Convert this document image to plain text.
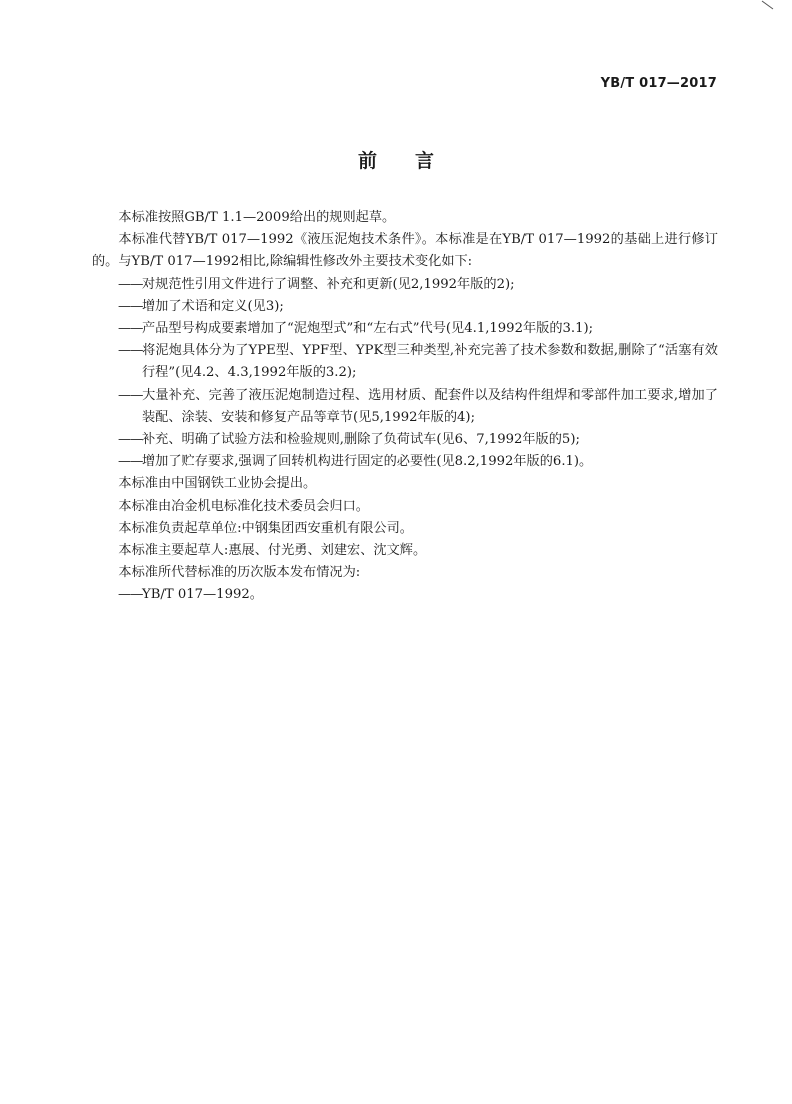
YB/T 017—2017
前言

本标准按照GB/T 1.1—2009给出的规则起草。

本标准代替YB/T 017—1992《液压泥炮技术条件》。本标准是在YB/T 017—1992的基础上进行修订的。与YB/T 017—1992相比,除编辑性修改外主要技术变化如下:

——对规范性引用文件进行了调整、补充和更新(见2,1992年版的2);

——增加了术语和定义(见3);

——产品型号构成要素增加了“泥炮型式”和“左右式”代号(见4.1,1992年版的3.1);

——将泥炮具体分为了YPE型、YPF型、YPK型三种类型,补充完善了技术参数和数据,删除了“活塞有效行程”(见4.2、4.3,1992年版的3.2);

——大量补充、完善了液压泥炮制造过程、选用材质、配套件以及结构件组焊和零部件加工要求,增加了装配、涂装、安装和修复产品等章节(见5,1992年版的4);

——补充、明确了试验方法和检验规则,删除了负荷试车(见6、7,1992年版的5);

——增加了贮存要求,强调了回转机构进行固定的必要性(见8.2,1992年版的6.1)。

本标准由中国钢铁工业协会提出。

本标准由冶金机电标准化技术委员会归口。

本标准负责起草单位:中钢集团西安重机有限公司。

本标准主要起草人:惠展、付光勇、刘建宏、沈文辉。

本标准所代替标准的历次版本发布情况为:

——YB/T 017—1992。
